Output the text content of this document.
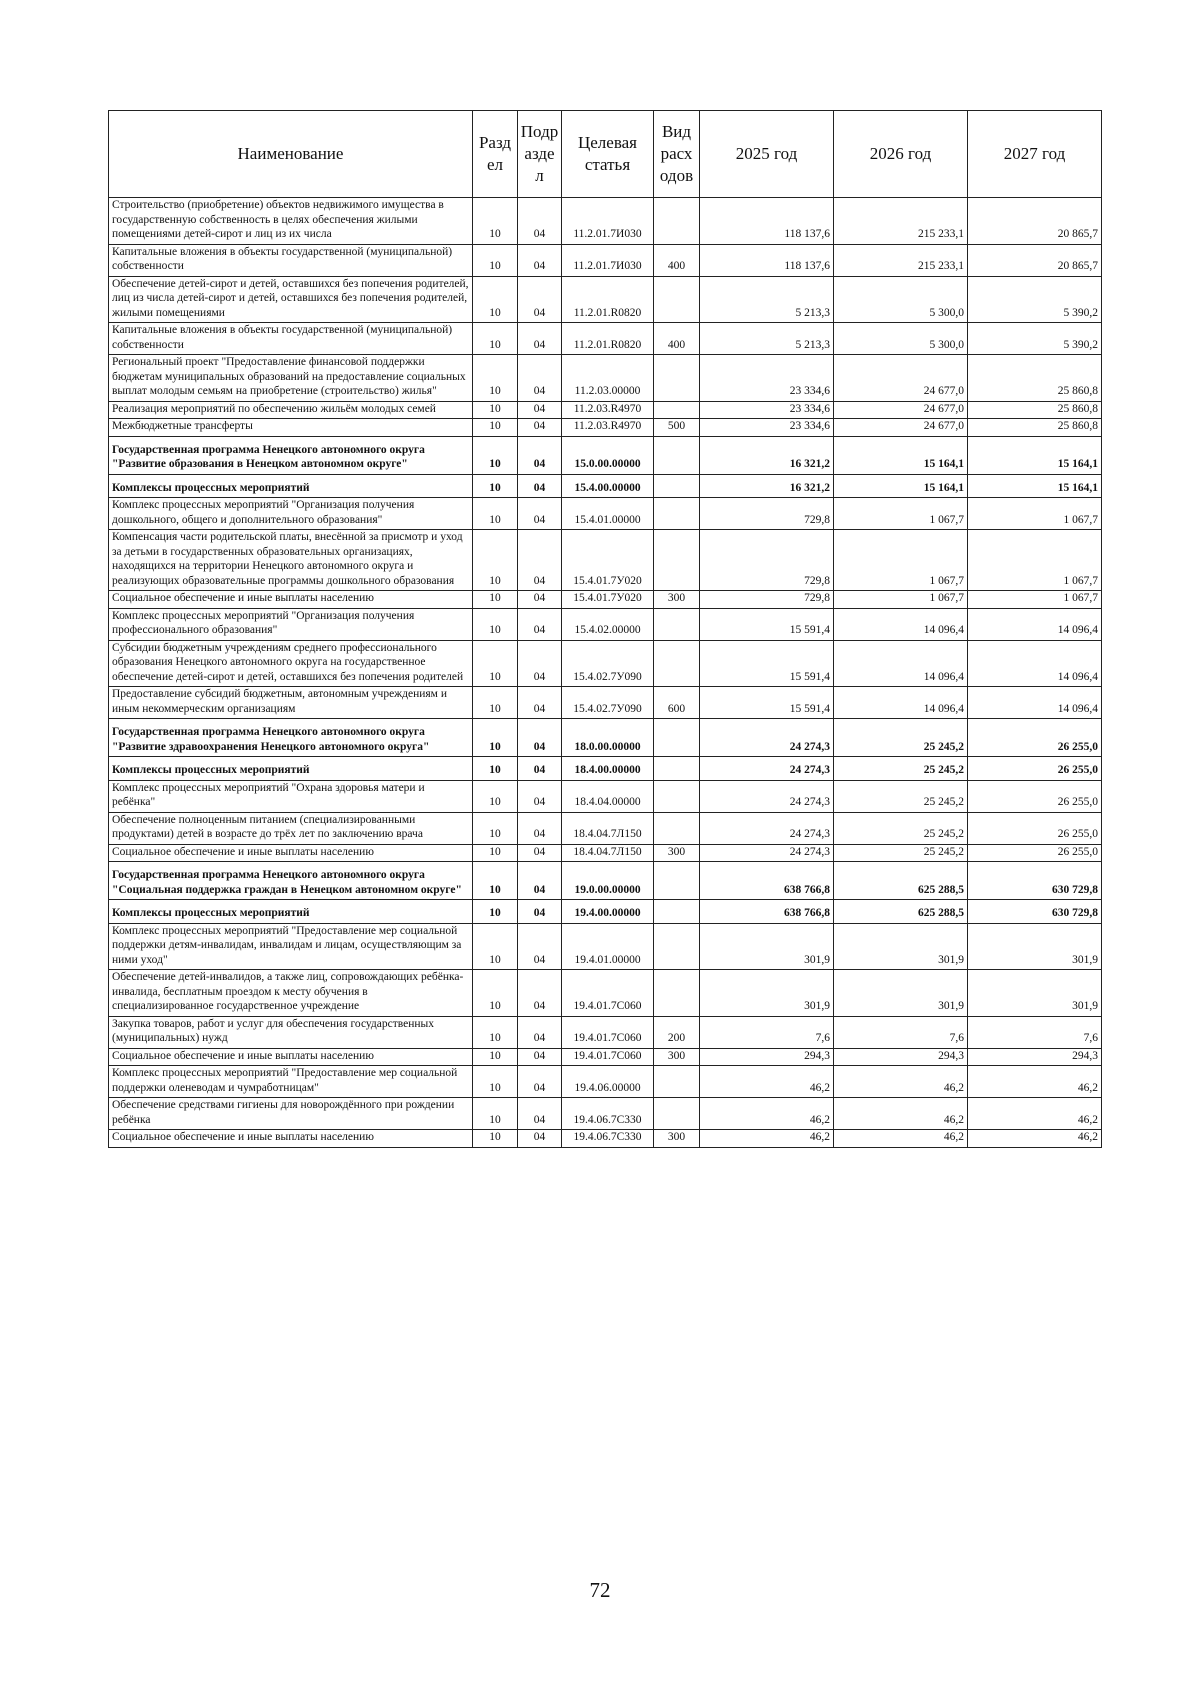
Наименование	Разд ел	Подр азде л	Целевая статья	Вид расх одов	2025 год	2026 год	2027 год
Строительство (приобретение) объектов недвижимого имущества в государственную собственность в целях обеспечения жилыми помещениями детей-сирот и лиц из их числа	10	04	11.2.01.7И030		118 137,6	215 233,1	20 865,7
Капитальные вложения в объекты государственной (муниципальной) собственности	10	04	11.2.01.7И030	400	118 137,6	215 233,1	20 865,7
Обеспечение детей-сирот и детей, оставшихся без попечения родителей, лиц из числа детей-сирот и детей, оставшихся без попечения родителей, жилыми помещениями	10	04	11.2.01.R0820		5 213,3	5 300,0	5 390,2
Капитальные вложения в объекты государственной (муниципальной) собственности	10	04	11.2.01.R0820	400	5 213,3	5 300,0	5 390,2
Региональный проект "Предоставление финансовой поддержки бюджетам муниципальных образований на предоставление социальных выплат молодым семьям на приобретение (строительство) жилья"	10	04	11.2.03.00000		23 334,6	24 677,0	25 860,8
Реализация мероприятий по обеспечению жильём молодых семей	10	04	11.2.03.R4970		23 334,6	24 677,0	25 860,8
Межбюджетные трансферты	10	04	11.2.03.R4970	500	23 334,6	24 677,0	25 860,8
Государственная программа Ненецкого автономного округа "Развитие образования в Ненецком автономном округе"	10	04	15.0.00.00000		16 321,2	15 164,1	15 164,1
Комплексы процессных мероприятий	10	04	15.4.00.00000		16 321,2	15 164,1	15 164,1
Комплекс процессных мероприятий "Организация получения дошкольного, общего и дополнительного образования"	10	04	15.4.01.00000		729,8	1 067,7	1 067,7
Компенсация части родительской платы, внесённой за присмотр и уход за детьми в государственных образовательных организациях, находящихся на территории Ненецкого автономного округа и реализующих образовательные программы дошкольного образования	10	04	15.4.01.7У020		729,8	1 067,7	1 067,7
Социальное обеспечение и иные выплаты населению	10	04	15.4.01.7У020	300	729,8	1 067,7	1 067,7
Комплекс процессных мероприятий "Организация получения профессионального образования"	10	04	15.4.02.00000		15 591,4	14 096,4	14 096,4
Субсидии бюджетным учреждениям среднего профессионального образования Ненецкого автономного округа на государственное обеспечение детей-сирот и детей, оставшихся без попечения родителей	10	04	15.4.02.7У090		15 591,4	14 096,4	14 096,4
Предоставление субсидий бюджетным, автономным учреждениям и иным некоммерческим организациям	10	04	15.4.02.7У090	600	15 591,4	14 096,4	14 096,4
Государственная программа Ненецкого автономного округа "Развитие здравоохранения Ненецкого автономного округа"	10	04	18.0.00.00000		24 274,3	25 245,2	26 255,0
Комплексы процессных мероприятий	10	04	18.4.00.00000		24 274,3	25 245,2	26 255,0
Комплекс процессных мероприятий "Охрана здоровья матери и ребёнка"	10	04	18.4.04.00000		24 274,3	25 245,2	26 255,0
Обеспечение полноценным питанием (специализированными продуктами) детей в возрасте до трёх лет по заключению врача	10	04	18.4.04.7Л150		24 274,3	25 245,2	26 255,0
Социальное обеспечение и иные выплаты населению	10	04	18.4.04.7Л150	300	24 274,3	25 245,2	26 255,0
Государственная программа Ненецкого автономного округа "Социальная поддержка граждан в Ненецком автономном округе"	10	04	19.0.00.00000		638 766,8	625 288,5	630 729,8
Комплексы процессных мероприятий	10	04	19.4.00.00000		638 766,8	625 288,5	630 729,8
Комплекс процессных мероприятий "Предоставление мер социальной поддержки детям-инвалидам, инвалидам и лицам, осуществляющим за ними уход"	10	04	19.4.01.00000		301,9	301,9	301,9
Обеспечение детей-инвалидов, а также лиц, сопровождающих ребёнка-инвалида, бесплатным проездом к месту обучения в специализированное государственное учреждение	10	04	19.4.01.7С060		301,9	301,9	301,9
Закупка товаров, работ и услуг для обеспечения государственных (муниципальных) нужд	10	04	19.4.01.7С060	200	7,6	7,6	7,6
Социальное обеспечение и иные выплаты населению	10	04	19.4.01.7С060	300	294,3	294,3	294,3
Комплекс процессных мероприятий "Предоставление мер социальной поддержки оленеводам и чумработницам"	10	04	19.4.06.00000		46,2	46,2	46,2
Обеспечение средствами гигиены для новорождённого при рождении ребёнка	10	04	19.4.06.7С330		46,2	46,2	46,2
Социальное обеспечение и иные выплаты населению	10	04	19.4.06.7С330	300	46,2	46,2	46,2
72
